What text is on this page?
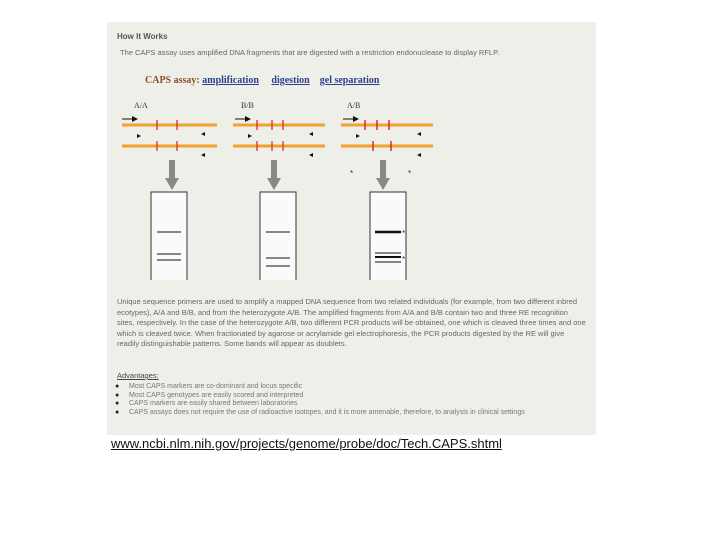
How It Works
The CAPS assay uses amplified DNA fragments that are digested with a restriction endonuclease to display RFLP.
CAPS assay: amplification digestion gel separation
A/A	B/B	A/B
*	*
*
*
Unique sequence primers are used to amplify a mapped DNA sequence from two related individuals (for example, from two different inbred ecotypes), A/A and B/B, and from the heterozygote A/B. The amplified fragments from A/A and B/B contain two and three RE recognition sites, respectively. In the case of the heterozygote A/B, two different PCR products will be obtained, one which is cleaved three times and one which is cleaved twice. When fractionated by agarose or acrylamide gel electrophoresis, the PCR products digested by the RE will give readily distinguishable patterns. Some bands will appear as doublets.
Advantages:
● Most CAPS markers are co-dominant and locus specific
● Most CAPS genotypes are easily scored and interpreted
● CAPS markers are easily shared between laboratories
● CAPS assays does not require the use of radioactive isotopes, and it is more amenable, therefore, to analysis in clinical settings
www.ncbi.nlm.nih.gov/projects/genome/probe/doc/Tech.CAPS.shtml
